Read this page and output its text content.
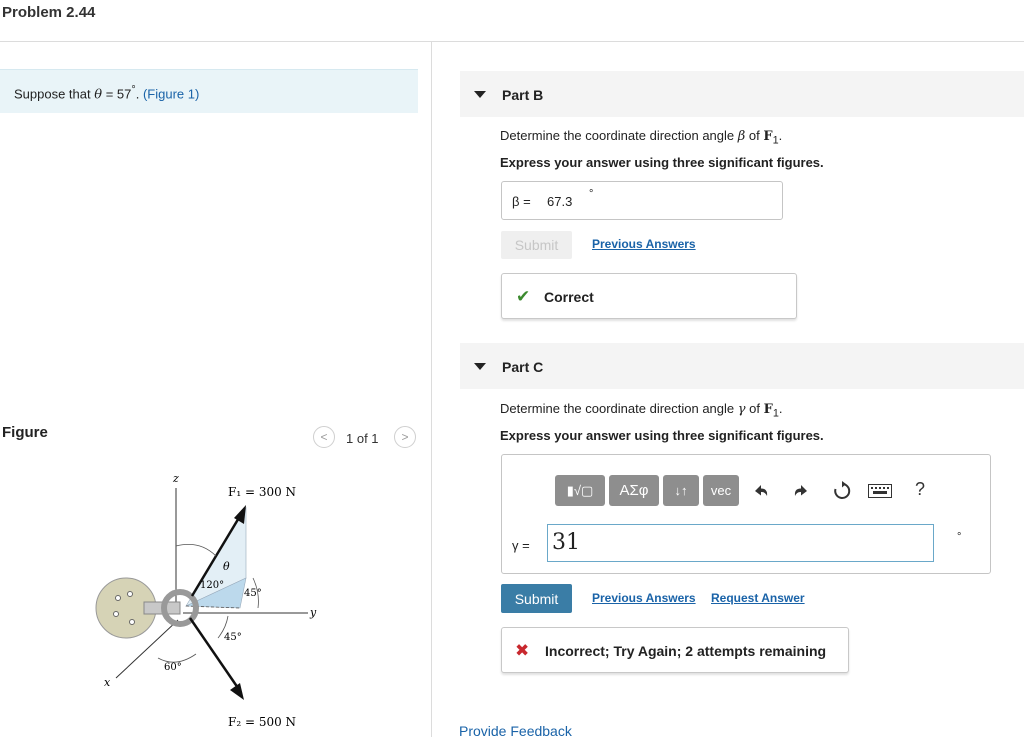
Problem 2.44
Suppose that θ = 57°. (Figure 1)
Figure	< 1 of 1 >
z
y
x
F₁ = 300 N
F₂ = 500 N
θ
120°
45°
45°
60°
Part B
Determine the coordinate direction angle β of $F_1$.
Express your answer using three significant figures.
β = 67.3 °
Submit	Previous Answers
✔ Correct
Part C
Determine the coordinate direction angle γ of $F_1$.
Express your answer using three significant figures.
▮√▢	ΑΣφ	↓↑	vec	?
γ = 31	°
Submit	Previous Answers Request Answer
✖ Incorrect; Try Again; 2 attempts remaining
Provide Feedback
